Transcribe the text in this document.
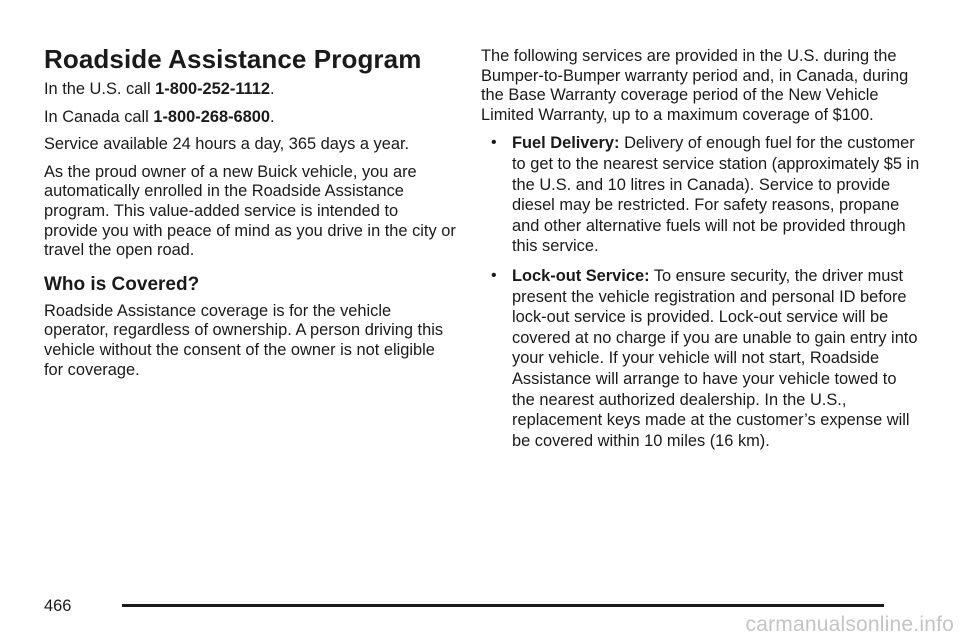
Roadside Assistance Program

In the U.S. call 1-800-252-1112.

In Canada call 1-800-268-6800.

Service available 24 hours a day, 365 days a year.

As the proud owner of a new Buick vehicle, you are automatically enrolled in the Roadside Assistance program. This value-added service is intended to provide you with peace of mind as you drive in the city or travel the open road.

Who is Covered?

Roadside Assistance coverage is for the vehicle operator, regardless of ownership. A person driving this vehicle without the consent of the owner is not eligible for coverage.

The following services are provided in the U.S. during the Bumper-to-Bumper warranty period and, in Canada, during the Base Warranty coverage period of the New Vehicle Limited Warranty, up to a maximum coverage of $100.

• Fuel Delivery: Delivery of enough fuel for the customer to get to the nearest service station (approximately $5 in the U.S. and 10 litres in Canada). Service to provide diesel may be restricted. For safety reasons, propane and other alternative fuels will not be provided through this service.
• Lock-out Service: To ensure security, the driver must present the vehicle registration and personal ID before lock-out service is provided. Lock-out service will be covered at no charge if you are unable to gain entry into your vehicle. If your vehicle will not start, Roadside Assistance will arrange to have your vehicle towed to the nearest authorized dealership. In the U.S., replacement keys made at the customer’s expense will be covered within 10 miles (16 km).
466
carmanualsonline.info
